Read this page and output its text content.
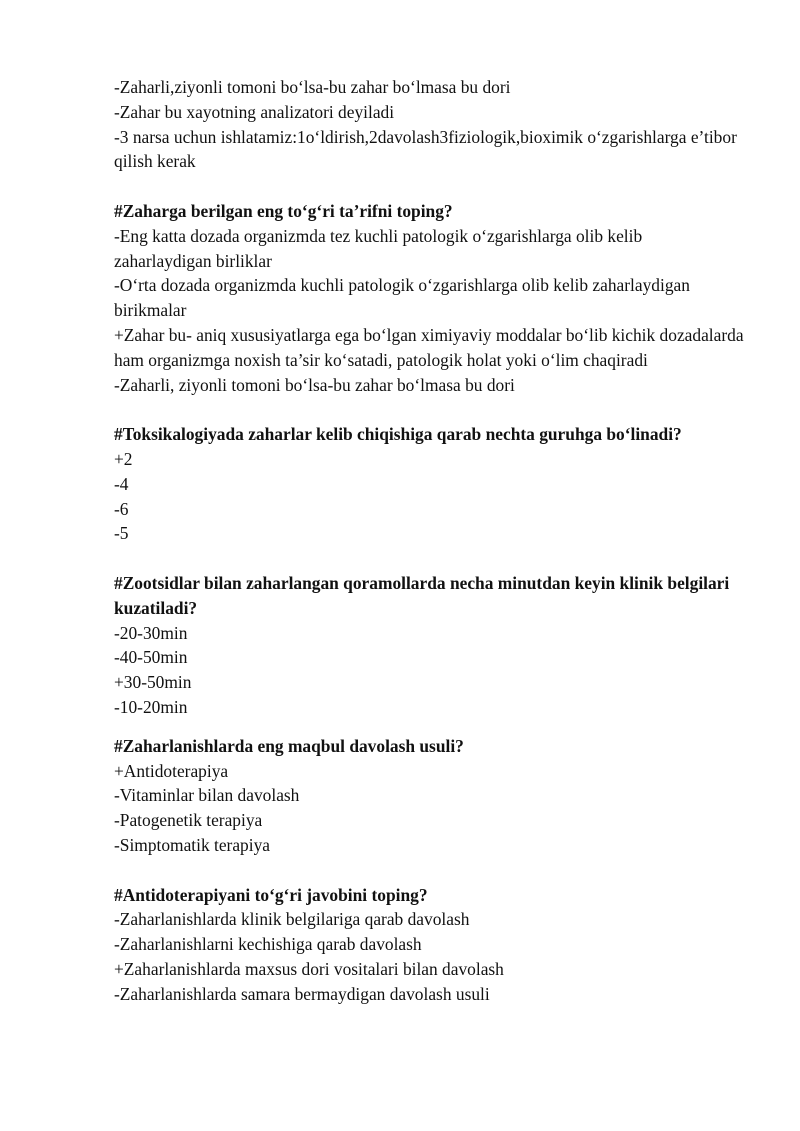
-Zaharli,ziyonli tomoni bo‘lsa-bu zahar bo‘lmasa bu dori
-Zahar bu xayotning analizatori deyiladi
-3 narsa uchun ishlatamiz:1o‘ldirish,2davolash3fiziologik,bioximik o‘zgarishlarga e’tibor qilish kerak
#Zaharga berilgan eng to‘g‘ri ta’rifni toping?
-Eng katta dozada organizmda tez kuchli patologik o‘zgarishlarga olib kelib zaharlaydigan birliklar
-O‘rta dozada organizmda kuchli patologik o‘zgarishlarga olib kelib zaharlaydigan birikmalar
+Zahar bu- aniq xususiyatlarga ega bo‘lgan ximiyaviy moddalar bo‘lib kichik dozadalarda ham organizmga noxish ta’sir ko‘satadi, patologik holat yoki o‘lim chaqiradi
-Zaharli, ziyonli tomoni bo‘lsa-bu zahar bo‘lmasa bu dori
#Toksikalogiyada zaharlar kelib chiqishiga qarab nechta guruhga bo‘linadi?
+2
-4
-6
-5
#Zootsidlar bilan zaharlangan qoramollarda necha minutdan keyin klinik belgilari kuzatiladi?
-20-30min
-40-50min
+30-50min
-10-20min
#Zaharlanishlarda eng maqbul davolash usuli?
+Antidoterapiya
-Vitaminlar bilan davolash
-Patogenetik terapiya
-Simptomatik terapiya
#Antidoterapiyani to‘g‘ri javobini toping?
-Zaharlanishlarda klinik belgilariga qarab davolash
-Zaharlanishlarni kechishiga qarab davolash
+Zaharlanishlarda maxsus dori vositalari bilan davolash
-Zaharlanishlarda samara bermaydigan davolash usuli
